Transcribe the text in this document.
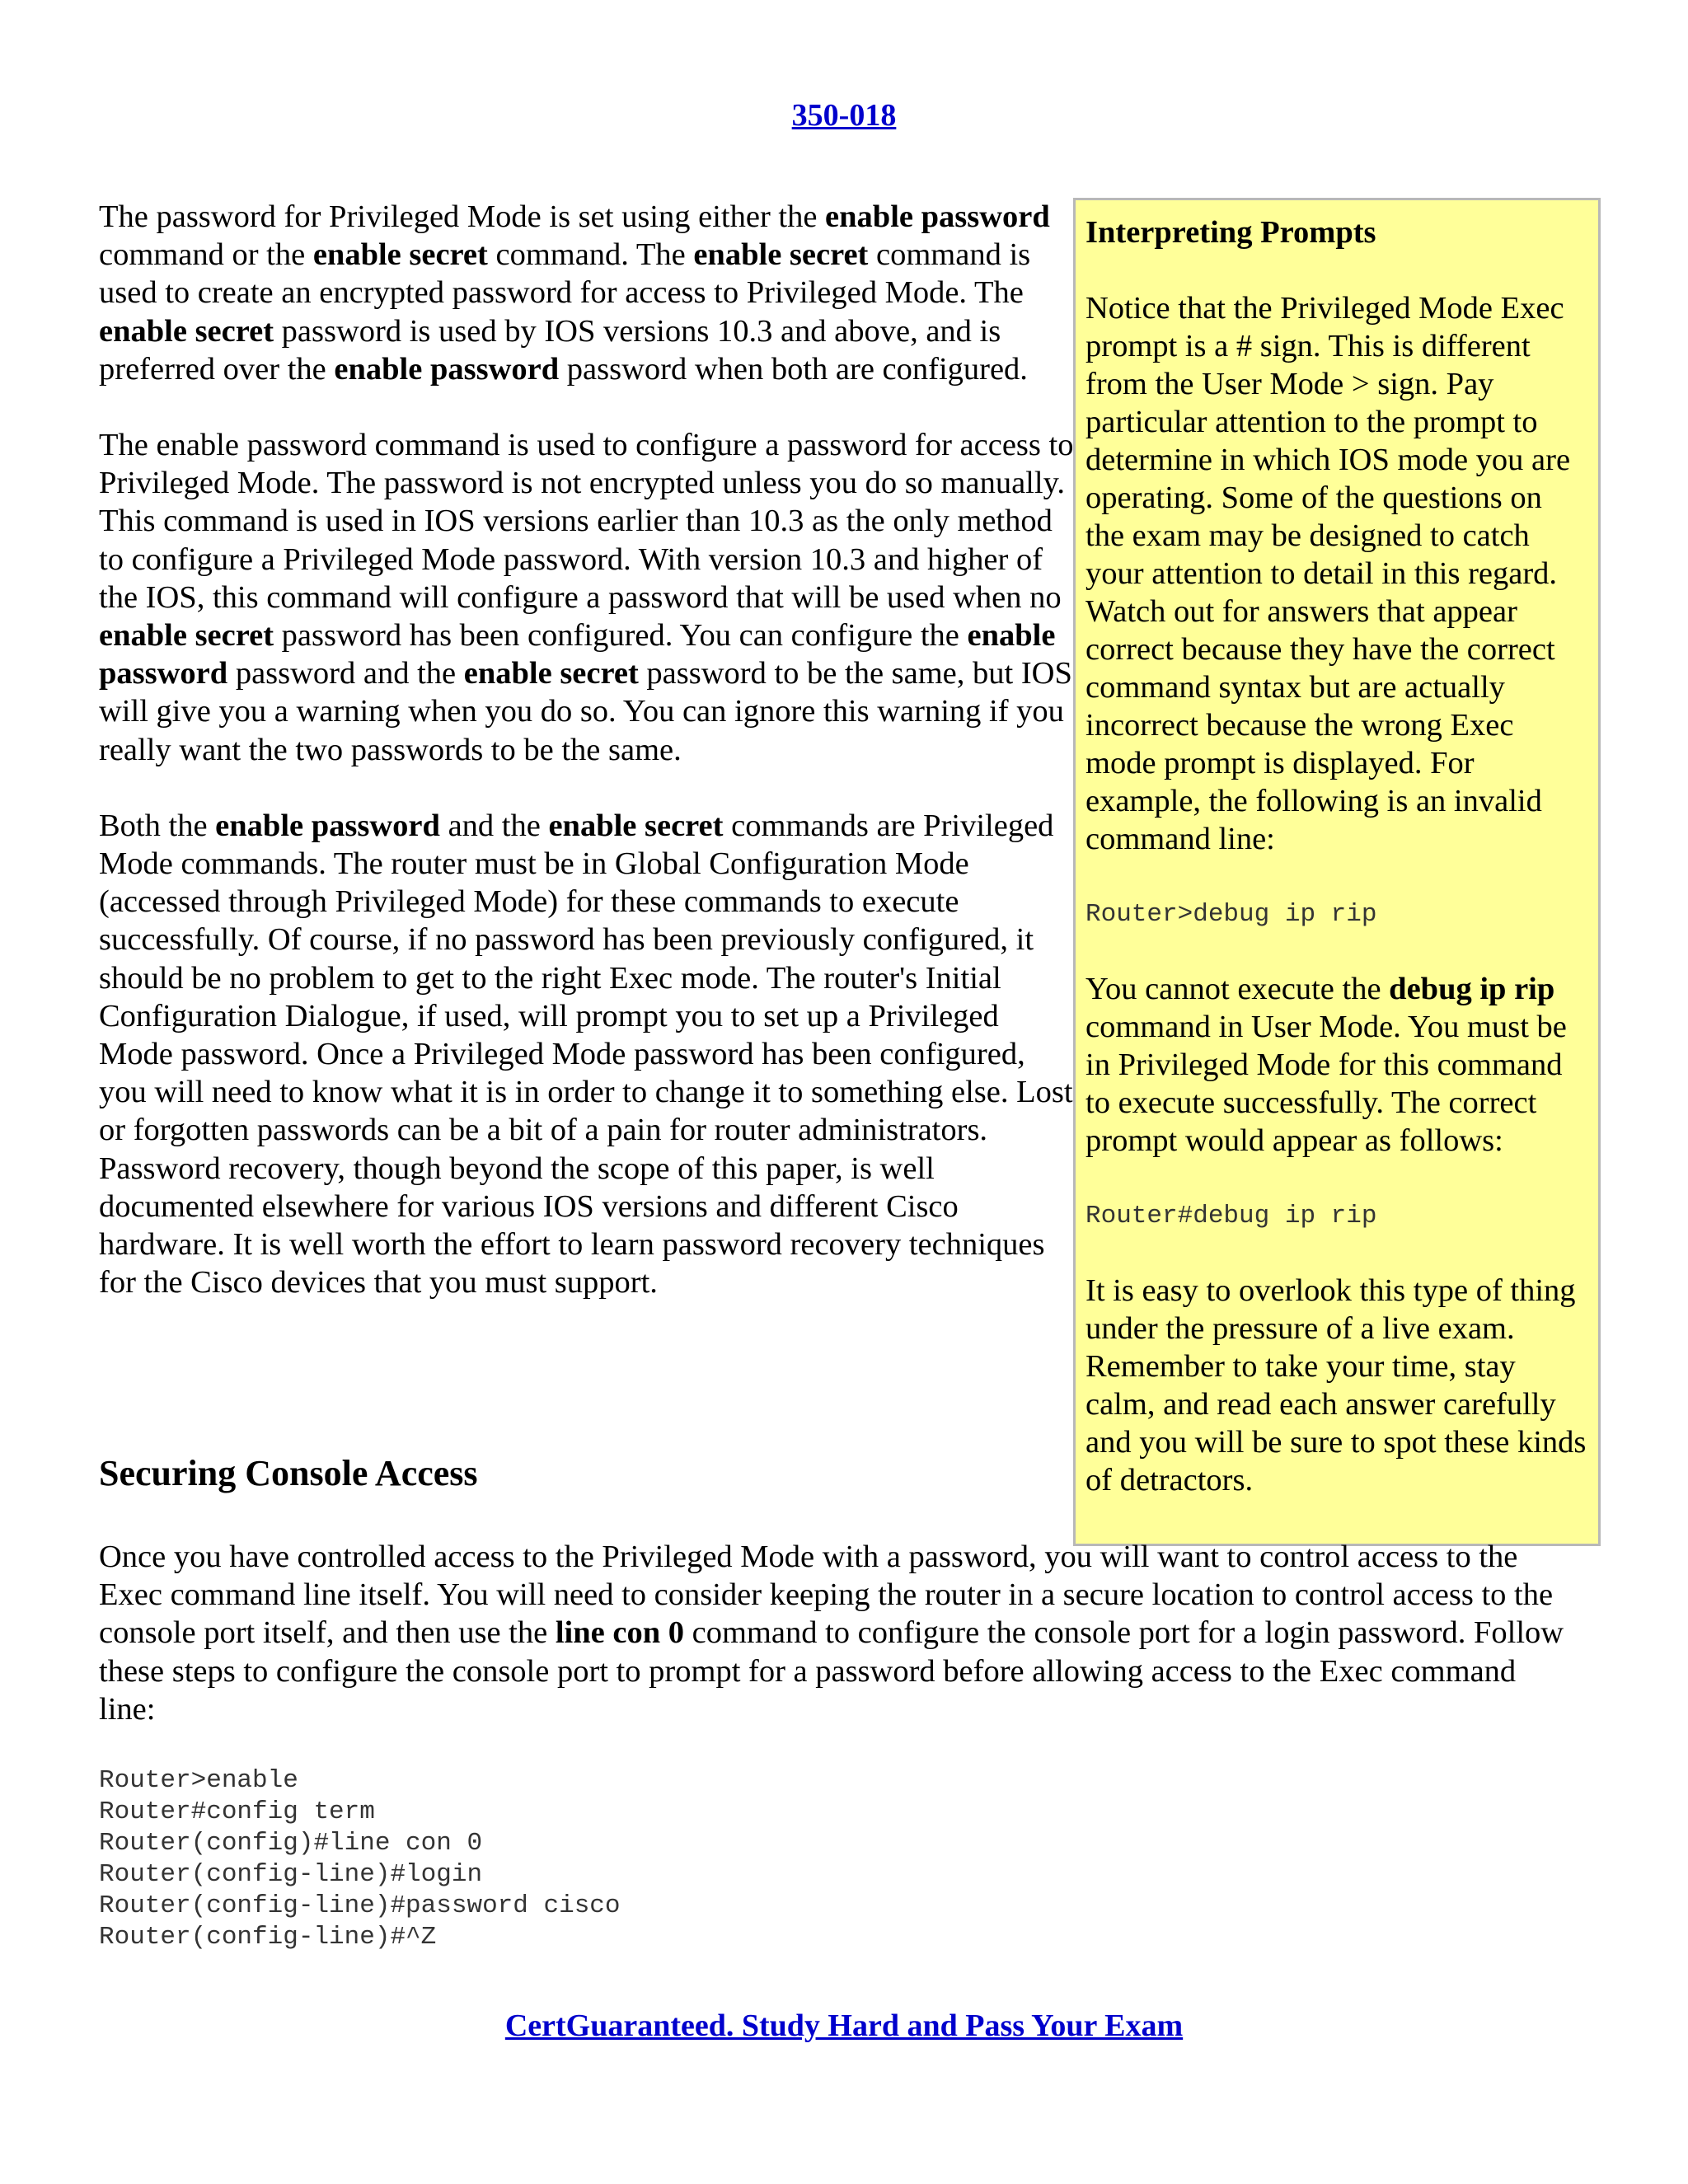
350-018

The password for Privileged Mode is set using either the enable password command or the enable secret command. The enable secret command is used to create an encrypted password for access to Privileged Mode. The enable secret password is used by IOS versions 10.3 and above, and is preferred over the enable password password when both are configured.

The enable password command is used to configure a password for access to Privileged Mode. The password is not encrypted unless you do so manually. This command is used in IOS versions earlier than 10.3 as the only method to configure a Privileged Mode password. With version 10.3 and higher of the IOS, this command will configure a password that will be used when no enable secret password has been configured. You can configure the enable password password and the enable secret password to be the same, but IOS will give you a warning when you do so. You can ignore this warning if you really want the two passwords to be the same.

Both the enable password and the enable secret commands are Privileged Mode commands. The router must be in Global Configuration Mode (accessed through Privileged Mode) for these commands to execute successfully. Of course, if no password has been previously configured, it should be no problem to get to the right Exec mode. The router's Initial Configuration Dialogue, if used, will prompt you to set up a Privileged Mode password. Once a Privileged Mode password has been configured, you will need to know what it is in order to change it to something else. Lost or forgotten passwords can be a bit of a pain for router administrators. Password recovery, though beyond the scope of this paper, is well documented elsewhere for various IOS versions and different Cisco hardware. It is well worth the effort to learn password recovery techniques for the Cisco devices that you must support.

Interpreting Prompts

Notice that the Privileged Mode Exec prompt is a # sign. This is different from the User Mode > sign. Pay particular attention to the prompt to determine in which IOS mode you are operating. Some of the questions on the exam may be designed to catch your attention to detail in this regard. Watch out for answers that appear correct because they have the correct command syntax but are actually incorrect because the wrong Exec mode prompt is displayed. For example, the following is an invalid command line:

Router>debug ip rip

You cannot execute the debug ip rip command in User Mode. You must be in Privileged Mode for this command to execute successfully. The correct prompt would appear as follows:

Router#debug ip rip

It is easy to overlook this type of thing under the pressure of a live exam. Remember to take your time, stay calm, and read each answer carefully and you will be sure to spot these kinds of detractors.

Securing Console Access

Once you have controlled access to the Privileged Mode with a password, you will want to control access to the Exec command line itself. You will need to consider keeping the router in a secure location to control access to the console port itself, and then use the line con 0 command to configure the console port for a login password. Follow these steps to configure the console port to prompt for a password before allowing access to the Exec command line:

Router>enable
Router#config term
Router(config)#line con 0
Router(config-line)#login
Router(config-line)#password cisco
Router(config-line)#^Z
CertGuaranteed. Study Hard and Pass Your Exam
